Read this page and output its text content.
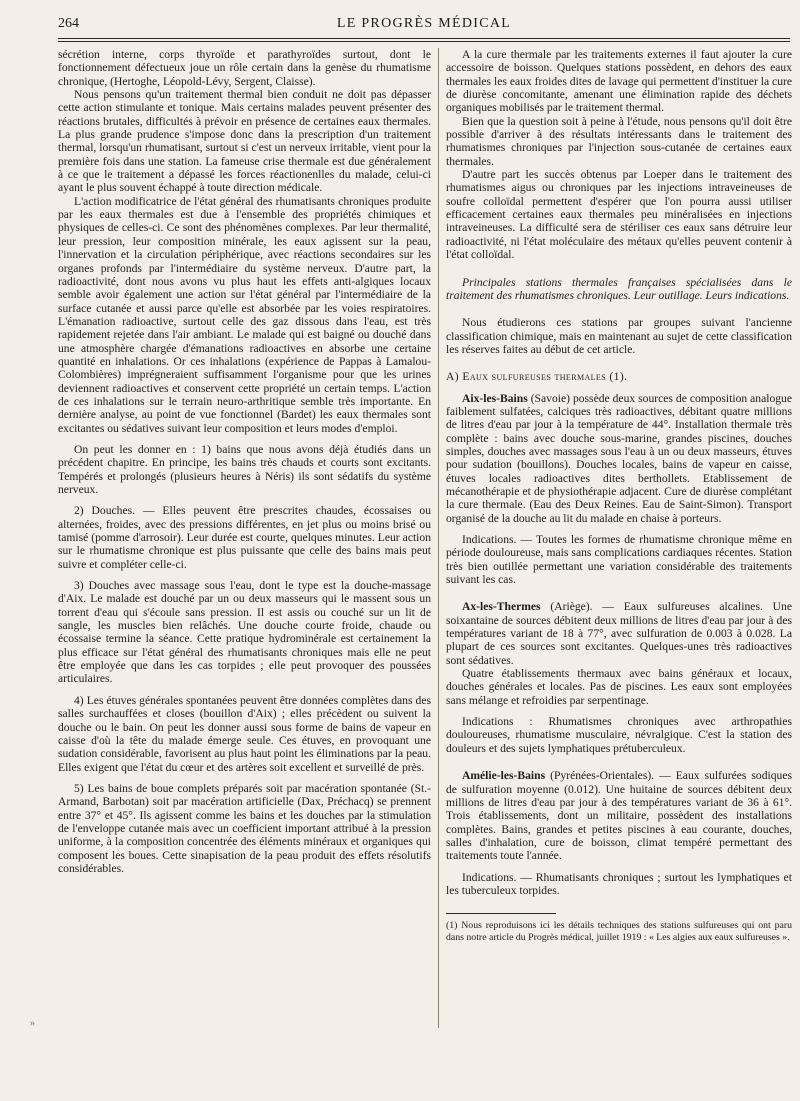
264	LE PROGRÈS MÉDICAL

sécrétion interne, corps thyroïde et parathyroïdes surtout, dont le fonctionnement défectueux joue un rôle certain dans la genèse du rhumatisme chronique, (Hertoghe, Léopold-Lévy, Sergent, Claisse).

Nous pensons qu'un traitement thermal bien conduit ne doit pas dépasser cette action stimulante et tonique. Mais certains malades peuvent présenter des réactions brutales, difficultés à prévoir en présence de certaines eaux thermales. La plus grande prudence s'impose donc dans la prescription d'un traitement thermal, lorsqu'un rhumatisant, surtout si c'est un nerveux irritable, vient pour la première fois dans une station. La fameuse crise thermale est due généralement à ce que le traitement a dépassé les forces réactionenlles du malade, celui-ci ayant le plus souvent échappé à toute direction médicale.

L'action modificatrice de l'état général des rhumatisants chroniques produite par les eaux thermales est due à l'ensemble des propriétés chimiques et physiques de celles-ci. Ce sont des phénomènes complexes. Par leur thermalité, leur pression, leur composition minérale, les eaux agissent sur la peau, l'innervation et la circulation périphérique, avec réactions secondaires sur les organes profonds par l'intermédiaire du système nerveux. D'autre part, la radioactivité, dont nous avons vu plus haut les effets anti-algiques locaux semble avoir également une action sur l'état général par l'intermédiaire de la surface cutanée et aussi parce qu'elle est absorbée par les voies respiratoires. L'émanation radioactive, surtout celle des gaz dissous dans l'eau, est très rapidement rejetée dans l'air ambiant. Le malade qui est baigné ou douché dans une atmosphère chargée d'émanations radioactives en absorbe une certaine quantité en inhalations. Or ces inhalations (expérience de Pappas à Lamalou-Colombières) imprégneraient suffisamment l'organisme pour que les urines deviennent radioactives et conservent cette propriété un certain temps. L'action de ces inhalations sur le terrain neuro-arthritique semble très importante. En dernière analyse, au point de vue fonctionnel (Bardet) les eaux thermales sont excitantes ou sédatives suivant leur composition et leurs modes d'emploi.

On peut les donner en : 1) bains que nous avons déjà étudiés dans un précédent chapitre. En principe, les bains très chauds et courts sont excitants. Tempérés et prolongés (plusieurs heures à Néris) ils sont sédatifs du système nerveux.

2) Douches. — Elles peuvent être prescrites chaudes, écossaises ou alternées, froides, avec des pressions différentes, en jet plus ou moins brisé ou tamisé (pomme d'arrosoir). Leur durée est courte, quelques minutes. Leur action sur le rhumatisme chronique est plus puissante que celle des bains mais peut suivre et compléter celle-ci.

3) Douches avec massage sous l'eau, dont le type est la douche-massage d'Aix. Le malade est douché par un ou deux masseurs qui le massent sous un torrent d'eau qui s'écoule sans pression. Il est assis ou couché sur un lit de sangle, les muscles bien relâchés. Une douche courte froide, chaude ou écossaise termine la séance. Cette pratique hydrominérale est certainement la plus efficace sur l'état général des rhumatisants chroniques mais elle ne peut être employée que dans les cas torpides ; elle peut provoquer des poussées articulaires.

4) Les étuves générales spontanées peuvent être données complètes dans des salles surchauffées et closes (bouillon d'Aix) ; elles précèdent ou suivent la douche ou le bain. On peut les donner aussi sous forme de bains de vapeur en caisse d'où la tête du malade émerge seule. Ces étuves, en provoquant une sudation considérable, favorisent au plus haut point les éliminations par la peau. Elles exigent que l'état du cœur et des artères soit excellent et surveillé de près.

5) Les bains de boue complets préparés soit par macération spontanée (St.-Armand, Barbotan) soit par macération artificielle (Dax, Préchacq) se prennent entre 37° et 45°. Ils agissent comme les bains et les douches par la stimulation de l'enveloppe cutanée mais avec un coefficient important attribué à la pression uniforme, à la composition concentrée des éléments minéraux et organiques qui composent les boues. Cette sinapisation de la peau produit des effets résolutifs considérables.

A la cure thermale par les traitements externes il faut ajouter la cure accessoire de boisson. Quelques stations possèdent, en dehors des eaux thermales les eaux froides dites de lavage qui permettent d'instituer la cure de diurèse concomitante, amenant une élimination rapide des déchets organiques mobilisés par le traitement thermal.

Bien que la question soit à peine à l'étude, nous pensons qu'il doit être possible d'arriver à des résultats intéressants dans le traitement des rhumatismes chroniques par l'injection sous-cutanée de certaines eaux thermales.

D'autre part les succès obtenus par Loeper dans le traitement des rhumatismes aigus ou chroniques par les injections intraveineuses de soufre colloïdal permettent d'espérer que l'on pourra aussi utiliser efficacement certaines eaux thermales peu minéralisées en injections intraveineuses. La difficulté sera de stériliser ces eaux sans détruire leur radioactivité, ni l'état moléculaire des métaux qu'elles peuvent contenir à l'état colloïdal.

Principales stations thermales françaises spécialisées dans le traitement des rhumatismes chroniques. Leur outillage. Leurs indications.

Nous étudierons ces stations par groupes suivant l'ancienne classification chimique, mais en maintenant au sujet de cette classification les réserves faites au début de cet article.

A) Eaux sulfureuses thermales (1).

Aix-les-Bains (Savoie) possède deux sources de composition analogue faiblement sulfatées, calciques très radioactives, débitant quatre millions de litres d'eau par jour à la température de 44°. Installation thermale très complète : bains avec douche sous-marine, grandes piscines, douches simples, douches avec massages sous l'eau à un ou deux masseurs, étuves pour sudation (bouillons). Douches locales, bains de vapeur en caisse, étuves locales radioactives dites berthollets. Etablissement de mécanothérapie et de physiothérapie adjacent. Cure de diurèse complétant la cure thermale. (Eau des Deux Reines. Eau de Saint-Simon). Transport organisé de la douche au lit du malade en chaise à porteurs.

Indications. — Toutes les formes de rhumatisme chronique même en période douloureuse, mais sans complications cardiaques récentes. Station très bien outillée permettant une variation considérable des traitements suivant les cas.

Ax-les-Thermes (Ariège). — Eaux sulfureuses alcalines. Une soixantaine de sources débitent deux millions de litres d'eau par jour à des températures variant de 18 à 77°, avec sulfuration de 0.003 à 0.028. La plupart de ces sources sont excitantes. Quelques-unes très radioactives sont sédatives.

Quatre établissements thermaux avec bains généraux et locaux, douches générales et locales. Pas de piscines. Les eaux sont employées sans mélange et refroidies par serpentinage.

Indications : Rhumatismes chroniques avec arthropathies douloureuses, rhumatisme musculaire, névralgique. C'est la station des douleurs et des sujets lymphatiques prétuberculeux.

Amélie-les-Bains (Pyrénées-Orientales). — Eaux sulfurées sodiques de sulfuration moyenne (0.012). Une huitaine de sources débitent deux millions de litres d'eau par jour à des températures variant de 36 à 61°. Trois établissements, dont un militaire, possèdent des installations complètes. Bains, grandes et petites piscines à eau courante, douches, salles d'inhalation, cure de boisson, climat tempéré permettant des traitements toute l'année.

Indications. — Rhumatisants chroniques ; surtout les lymphatiques et les tuberculeux torpides.

(1) Nous reproduisons ici les détails techniques des stations sulfureuses qui ont paru dans notre article du Progrès médical, juillet 1919 : « Les algies aux eaux sulfureuses ».

»
